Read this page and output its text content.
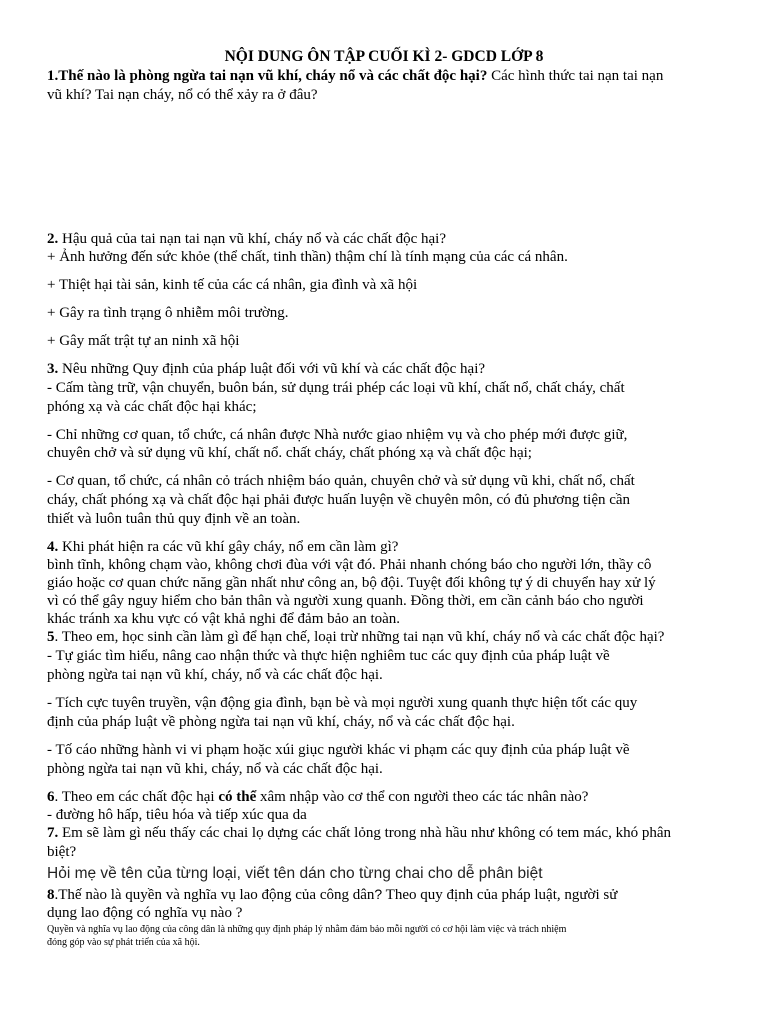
NỘI DUNG ÔN TẬP CUỐI KÌ 2- GDCD LỚP 8
1.Thế nào là phòng ngừa tai nạn vũ khí, cháy nổ và các chất độc hại? Các hình thức tai nạn tai nạn
vũ khí? Tai nạn cháy, nổ có thể xảy ra ở đâu?
2. Hậu quả của tai nạn tai nạn vũ khí, cháy nổ và các chất độc hại?
+ Ảnh hưởng đến sức khỏe (thể chất, tinh thần) thậm chí là tính mạng của các cá nhân.
+ Thiệt hại tài sản, kinh tế của các cá nhân, gia đình và xã hội
+ Gây ra tình trạng ô nhiễm môi trường.
+ Gây mất trật tự an ninh xã hội
3. Nêu những Quy định của pháp luật đối với vũ khí và các chất độc hại?
- Cấm tàng trữ, vận chuyển, buôn bán, sử dụng trái phép các loại vũ khí, chất nổ, chất cháy, chất
phóng xạ và các chất độc hại khác;
- Chỉ những cơ quan, tổ chức, cá nhân được Nhà nước giao nhiệm vụ và cho phép mới được giữ,
chuyên chở và sử dụng vũ khí, chất nổ. chất cháy, chất phóng xạ và chất độc hại;
- Cơ quan, tổ chức, cá nhân cỏ trách nhiệm báo quản, chuyên chở và sử dụng vũ khi, chất nổ, chất
cháy, chất phóng xạ và chất độc hại phải được huấn luyện về chuyên môn, có đủ phương tiện cần
thiết và luôn tuân thủ quy định về an toàn.
4. Khi phát hiện ra các vũ khí gây cháy, nổ em cần làm gì?
bình tĩnh, không chạm vào, không chơi đùa với vật đó. Phải nhanh chóng báo cho người lớn, thầy cô
giáo hoặc cơ quan chức năng gần nhất như công an, bộ đội. Tuyệt đối không tự ý di chuyển hay xử lý
vì có thể gây nguy hiểm cho bản thân và người xung quanh. Đồng thời, em cần cảnh báo cho người
khác tránh xa khu vực có vật khả nghi để đảm bảo an toàn.
5. Theo em, học sinh cần làm gì để hạn chế, loại trừ những tai nạn vũ khí, cháy nổ và các chất độc hại?
- Tự giác tìm hiểu, nâng cao nhận thức và thực hiện nghiêm tuc các quy định của pháp luật về
phòng ngừa tai nạn vũ khí, cháy, nổ và các chất độc hại.
- Tích cực tuyên truyền, vận động gia đình, bạn bè và mọi người xung quanh thực hiện tốt các quy
định của pháp luật về phòng ngừa tai nạn vũ khí, cháy, nổ và các chất độc hại.
- Tố cáo những hành vi vi phạm hoặc xúi giục người khác vi phạm các quy định của pháp luật về
phòng ngừa tai nạn vũ khi, cháy, nổ và các chất độc hại.
6. Theo em các chất độc hại có thể xâm nhập vào cơ thể con người theo các tác nhân nào?
- đường hô hấp, tiêu hóa và tiếp xúc qua da
7. Em sẽ làm gì nếu thấy các chai lọ dựng các chất lỏng trong nhà hầu như không có tem mác, khó phân
biệt?
Hỏi mẹ về tên của từng loại, viết tên dán cho từng chai cho dễ phân biệt
8.Thế nào là quyền và nghĩa vụ lao động của công dân? Theo quy định của pháp luật, người sử
dụng lao động có nghĩa vụ nào ?
Quyền và nghĩa vụ lao động của công dân là những quy định pháp lý nhằm đảm bảo mỗi người có cơ hội làm việc và trách nhiệm
đóng góp vào sự phát triển của xã hội.
